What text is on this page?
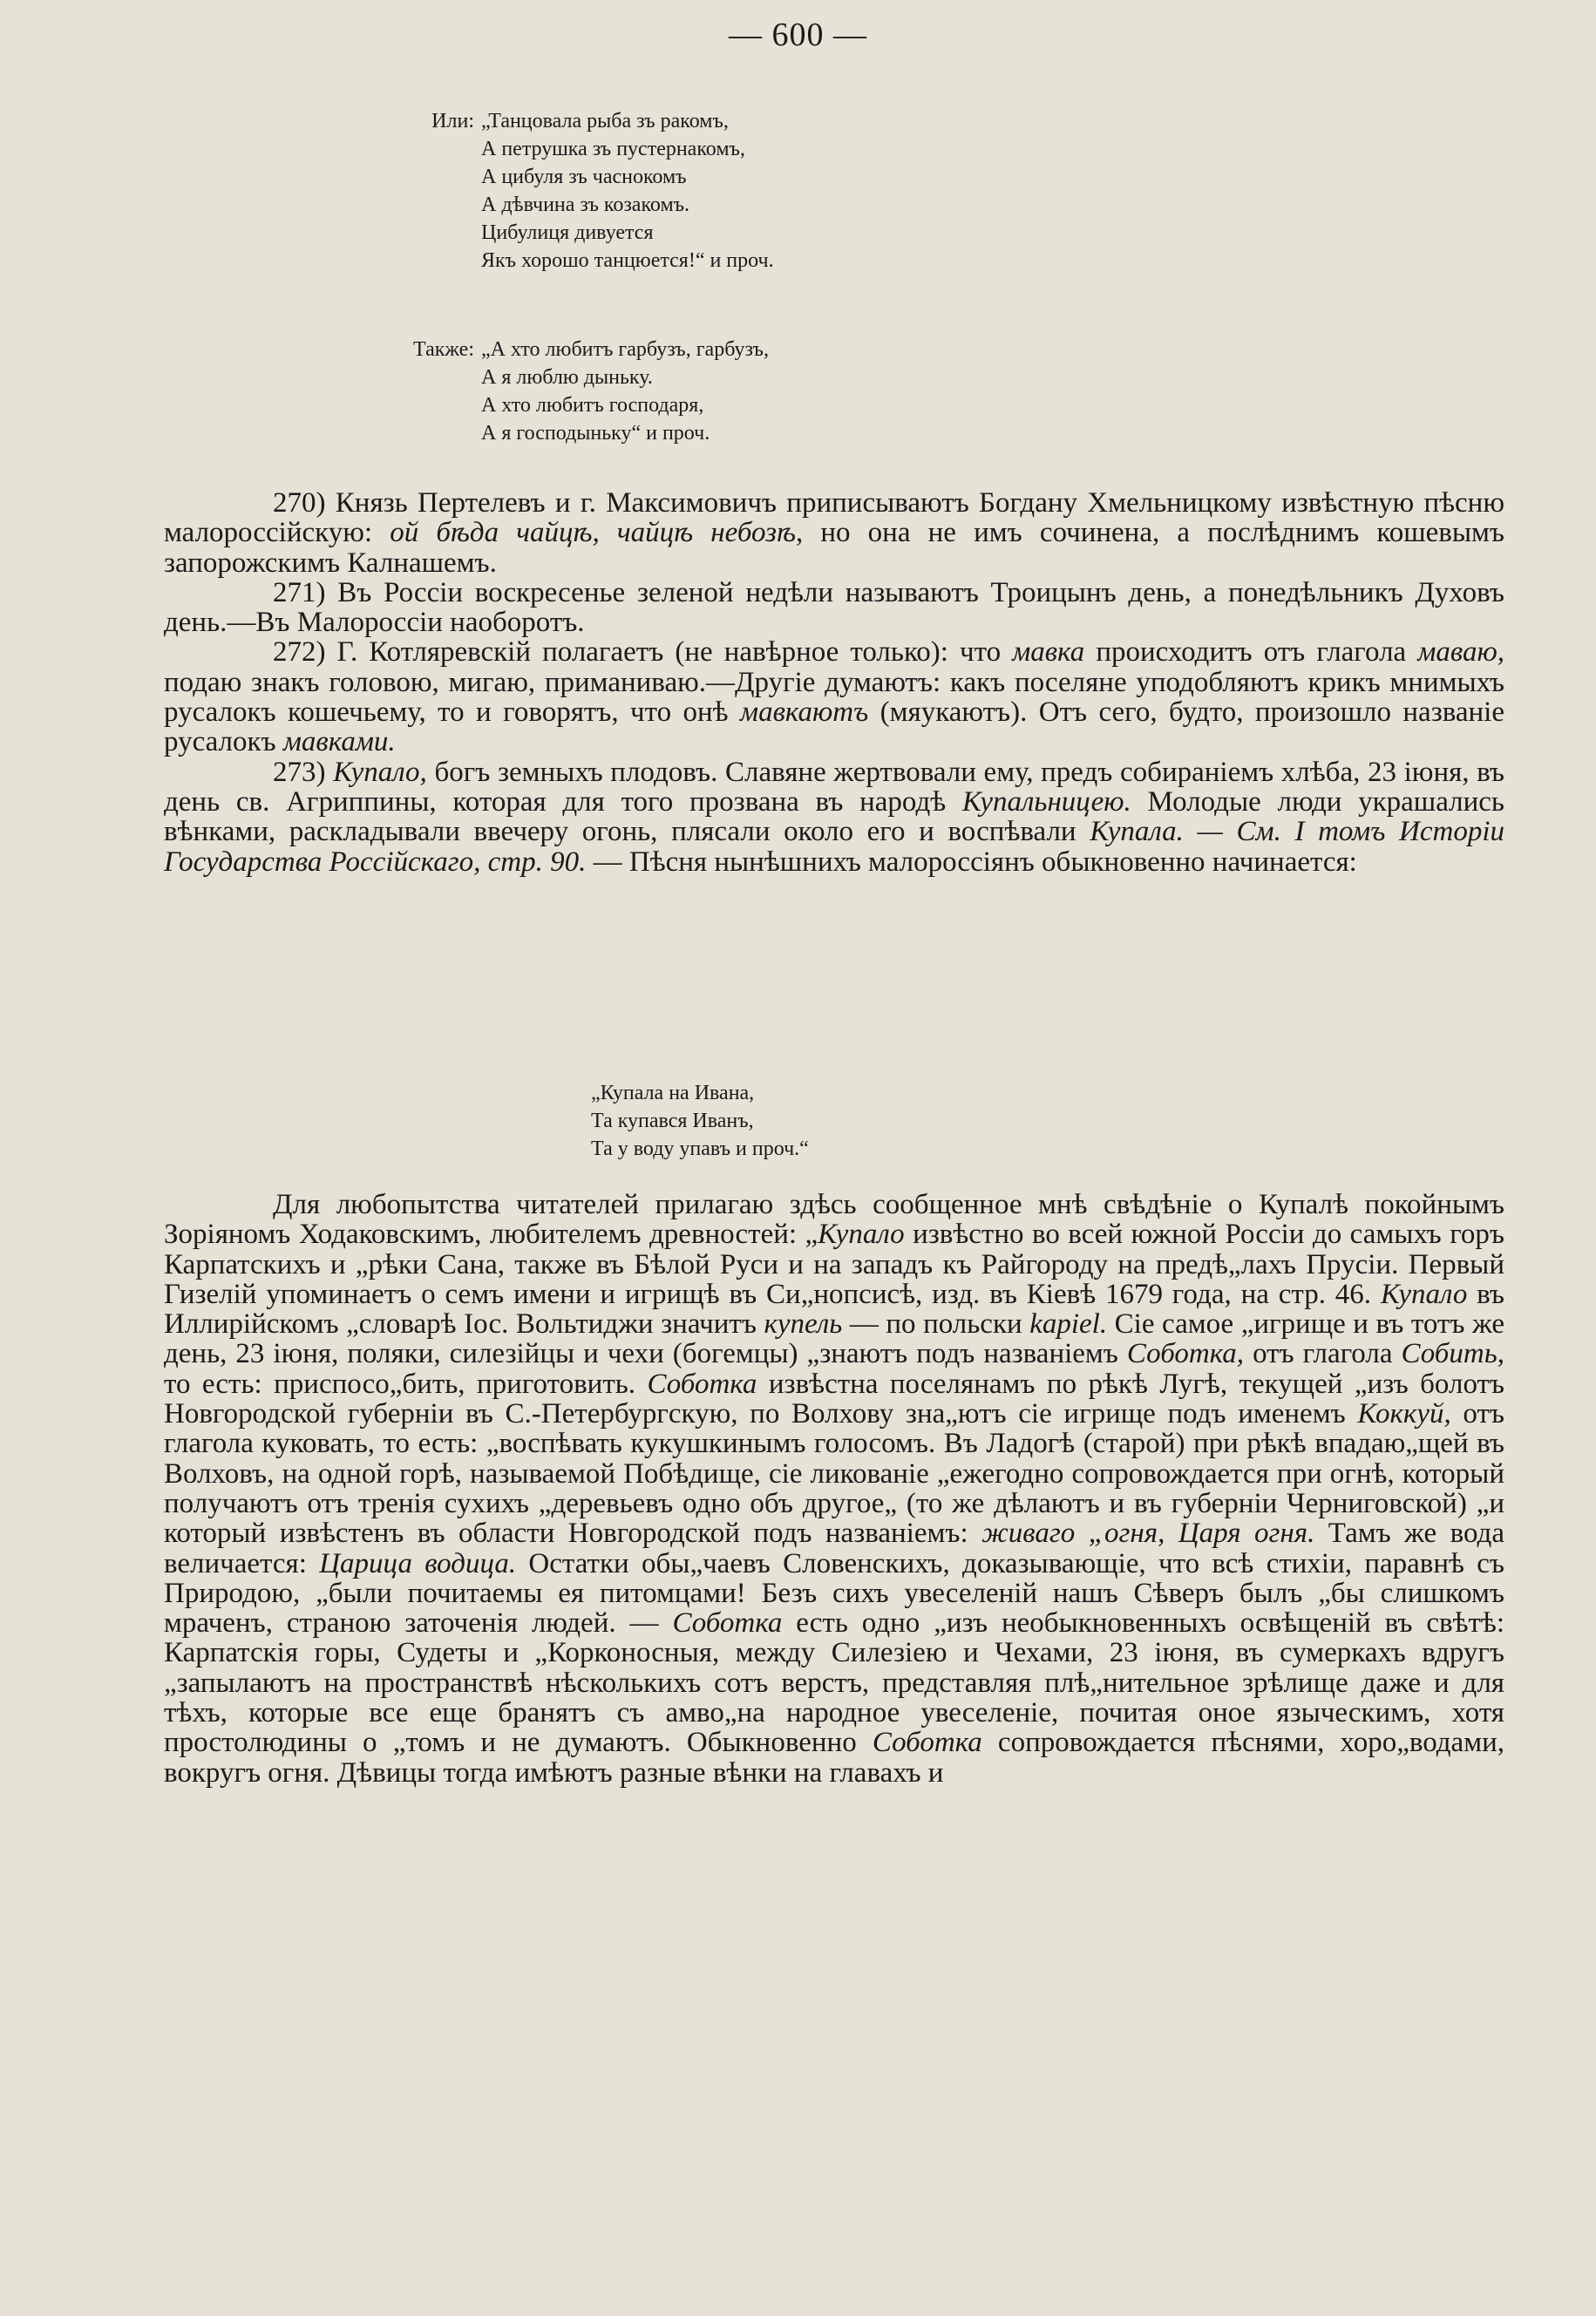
— 600 —
Или: „Танцовала рыба зъ ракомъ,
А петрушка зъ пустернакомъ,
А цибуля зъ часнокомъ
А дѣвчина зъ козакомъ.
Цибулиця дивуется
Якъ хорошо танцюется!“ и проч.
Также: „А хто любитъ гарбузъ, гарбузъ,
А я люблю дыньку.
А хто любитъ господаря,
А я господыньку“ и проч.

270) Князь Пертелевъ и г. Максимовичъ приписываютъ Богдану Хмельницкому извѣстную пѣсню малороссійскую: ой бѣда чайцѣ, чайцѣ небозѣ, но она не имъ сочинена, а послѣднимъ кошевымъ запорожскимъ Калнашемъ.

271) Въ Россіи воскресенье зеленой недѣли называютъ Троицынъ день, а понедѣльникъ Духовъ день.—Въ Малороссіи наоборотъ.

272) Г. Котляревскій полагаетъ (не навѣрное только): что мавка происходитъ отъ глагола маваю, подаю знакъ головою, мигаю, приманиваю.—Другіе думаютъ: какъ поселяне уподобляютъ крикъ мнимыхъ русалокъ кошечьему, то и говорятъ, что онѣ мавкаютъ (мяукаютъ). Отъ сего, будто, произошло названіе русалокъ мавками.

273) Купало, богъ земныхъ плодовъ. Славяне жертвовали ему, предъ собираніемъ хлѣба, 23 іюня, въ день св. Агриппины, которая для того прозвана въ народѣ Купальницею. Молодые люди украшались вѣнками, раскладывали ввечеру огонь, плясали около его и воспѣвали Купала. — См. I томъ Исторіи Государства Россійскаго, стр. 90. — Пѣсня нынѣшнихъ малороссіянъ обыкновенно начинается:

„Купала на Ивана,
Та купався Иванъ,
Та у воду упавъ и проч.“

Для любопытства читателей прилагаю здѣсь сообщенное мнѣ свѣдѣніе о Купалѣ покойнымъ Зоріяномъ Ходаковскимъ, любителемъ древностей: „Купало извѣстно во всей южной Россіи до самыхъ горъ Карпатскихъ и „рѣки Сана, также въ Бѣлой Руси и на западъ къ Райгороду на предѣ„лахъ Прусіи. Первый Гизелій упоминаетъ о семъ имени и игрищѣ въ Си„нопсисѣ, изд. въ Кіевѣ 1679 года, на стр. 46. Купало въ Иллирійскомъ „словарѣ Іос. Вольтиджи значитъ купель — по польски kapiel. Сіе самое „игрище и въ тотъ же день, 23 іюня, поляки, силезійцы и чехи (богемцы) „знаютъ подъ названіемъ Соботка, отъ глагола Собить, то есть: приспосо„бить, приготовить. Соботка извѣстна поселянамъ по рѣкѣ Лугѣ, текущей „изъ болотъ Новгородской губерніи въ С.-Петербургскую, по Волхову зна„ютъ сіе игрище подъ именемъ Коккуй, отъ глагола куковать, то есть: „воспѣвать кукушкинымъ голосомъ. Въ Ладогѣ (старой) при рѣкѣ впадаю„щей въ Волховъ, на одной горѣ, называемой Побѣдище, сіе ликованіе „ежегодно сопровождается при огнѣ, который получаютъ отъ тренія сухихъ „деревьевъ одно объ другое„ (то же дѣлаютъ и въ губерніи Черниговской) „и который извѣстенъ въ области Новгородской подъ названіемъ: живаго „огня, Царя огня. Тамъ же вода величается: Царица водица. Остатки обы„чаевъ Словенскихъ, доказывающіе, что всѣ стихіи, паравнѣ съ Природою, „были почитаемы ея питомцами! Безъ сихъ увеселеній нашъ Сѣверъ былъ „бы слишкомъ мраченъ, страною заточенія людей. — Соботка есть одно „изъ необыкновенныхъ освѣщеній въ свѣтѣ: Карпатскія горы, Судеты и „Корконосныя, между Силезіею и Чехами, 23 іюня, въ сумеркахъ вдругъ „запылаютъ на пространствѣ нѣсколькихъ сотъ верстъ, представляя плѣ„нительное зрѣлище даже и для тѣхъ, которые все еще бранятъ съ амво„на народное увеселеніе, почитая оное языческимъ, хотя простолюдины о „томъ и не думаютъ. Обыкновенно Соботка сопровождается пѣснями, хоро„водами, вокругъ огня. Дѣвицы тогда имѣютъ разные вѣнки на главахъ и
